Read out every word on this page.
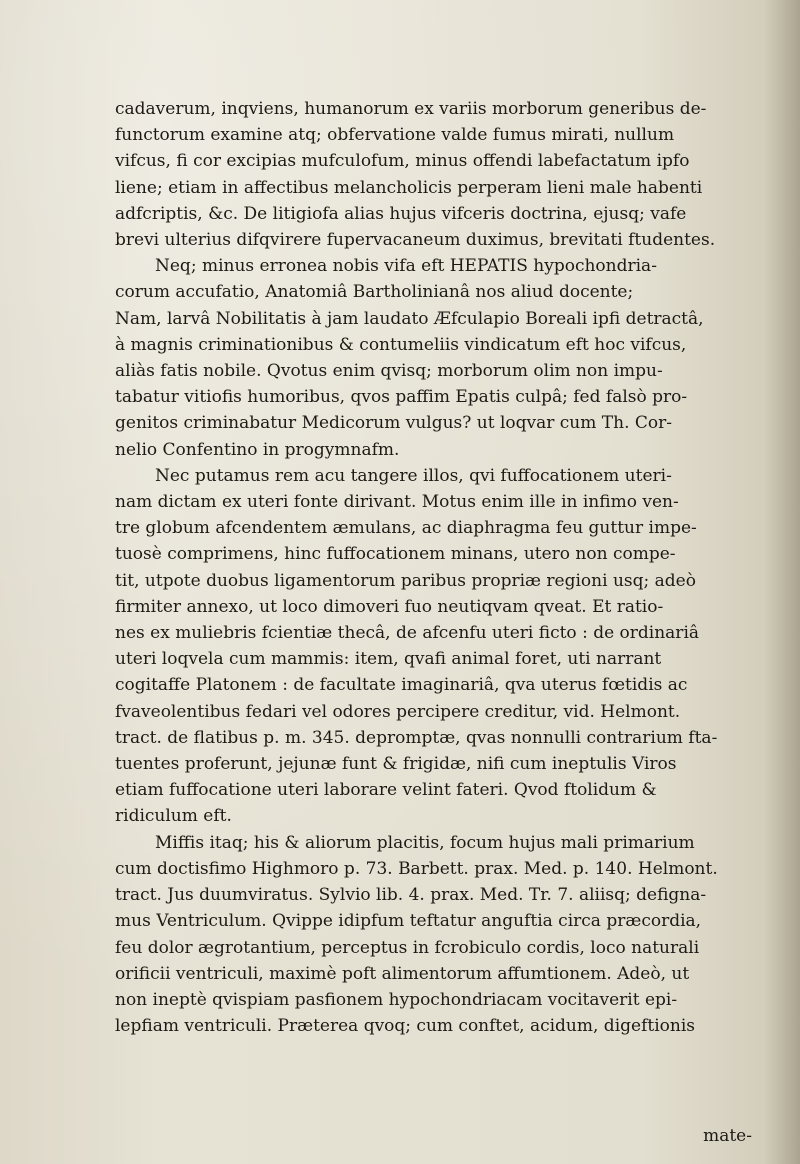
cadaverum, inqviens, humanorum ex variis morborum generibus de-
functorum examine atq; obfervatione valde fumus mirati, nullum
vifcus, fi cor excipias mufculofum, minus offendi labefactatum ipfo
liene; etiam in affectibus melancholicis perperam lieni male habenti
adfcriptis, &c. De litigiofa alias hujus vifceris doctrina, ejusq; vafe
brevi ulterius difqvirere fupervacaneum duximus, brevitati ftudentes.
Neq; minus erronea nobis vifa eft HEPATIS hypochondria-
corum accufatio, Anatomiâ Bartholinianâ nos aliud docente;
Nam, larvâ Nobilitatis à jam laudato Æfculapio Boreali ipfi detractâ,
à magnis criminationibus & contumeliis vindicatum eft hoc vifcus,
aliàs fatis nobile. Qvotus enim qvisq; morborum olim non impu-
tabatur vitiofis humoribus, qvos paffim Epatis culpâ; fed falsò pro-
genitos criminabatur Medicorum vulgus? ut loqvar cum Th. Cor-
nelio Confentino in progymnafm.
Nec putamus rem acu tangere illos, qvi fuffocationem uteri-
nam dictam ex uteri fonte dirivant. Motus enim ille in infimo ven-
tre globum afcendentem æmulans, ac diaphragma feu guttur impe-
tuosè comprimens, hinc fuffocationem minans, utero non compe-
tit, utpote duobus ligamentorum paribus propriæ regioni usq; adeò
firmiter annexo, ut loco dimoveri fuo neutiqvam qveat. Et ratio-
nes ex muliebris fcientiæ thecâ, de afcenfu uteri ficto : de ordinariâ
uteri loqvela cum mammis: item, qvafi animal foret, uti narrant
cogitaffe Platonem : de facultate imaginariâ, qva uterus fœtidis ac
fvaveolentibus fedari vel odores percipere creditur, vid. Helmont.
tract. de flatibus p. m. 345. depromptæ, qvas nonnulli contrarium fta-
tuentes proferunt, jejunæ funt & frigidæ, nifi cum ineptulis Viros
etiam fuffocatione uteri laborare velint fateri. Qvod ftolidum &
ridiculum eft.
Miffis itaq; his & aliorum placitis, focum hujus mali primarium
cum doctisfimo Highmoro p. 73. Barbett. prax. Med. p. 140. Helmont.
tract. Jus duumviratus. Sylvio lib. 4. prax. Med. Tr. 7. aliisq; defigna-
mus Ventriculum. Qvippe idipfum teftatur anguftia circa præcordia,
feu dolor ægrotantium, perceptus in fcrobiculo cordis, loco naturali
orificii ventriculi, maximè poft alimentorum affumtionem. Adeò, ut
non ineptè qvispiam pasfionem hypochondriacam vocitaverit epi-
lepfiam ventriculi. Præterea qvoq; cum conftet, acidum, digeftionis
mate-
